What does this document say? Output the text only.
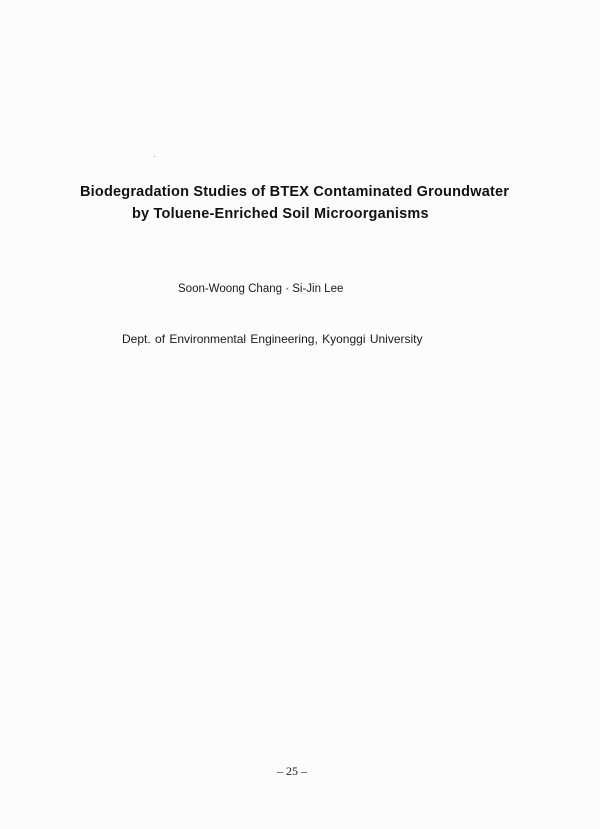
Biodegradation Studies of BTEX Contaminated Groundwater
by Toluene-Enriched Soil Microorganisms
Soon-Woong Chang · Si-Jin Lee
Dept. of Environmental Engineering, Kyonggi University
– 25 –
